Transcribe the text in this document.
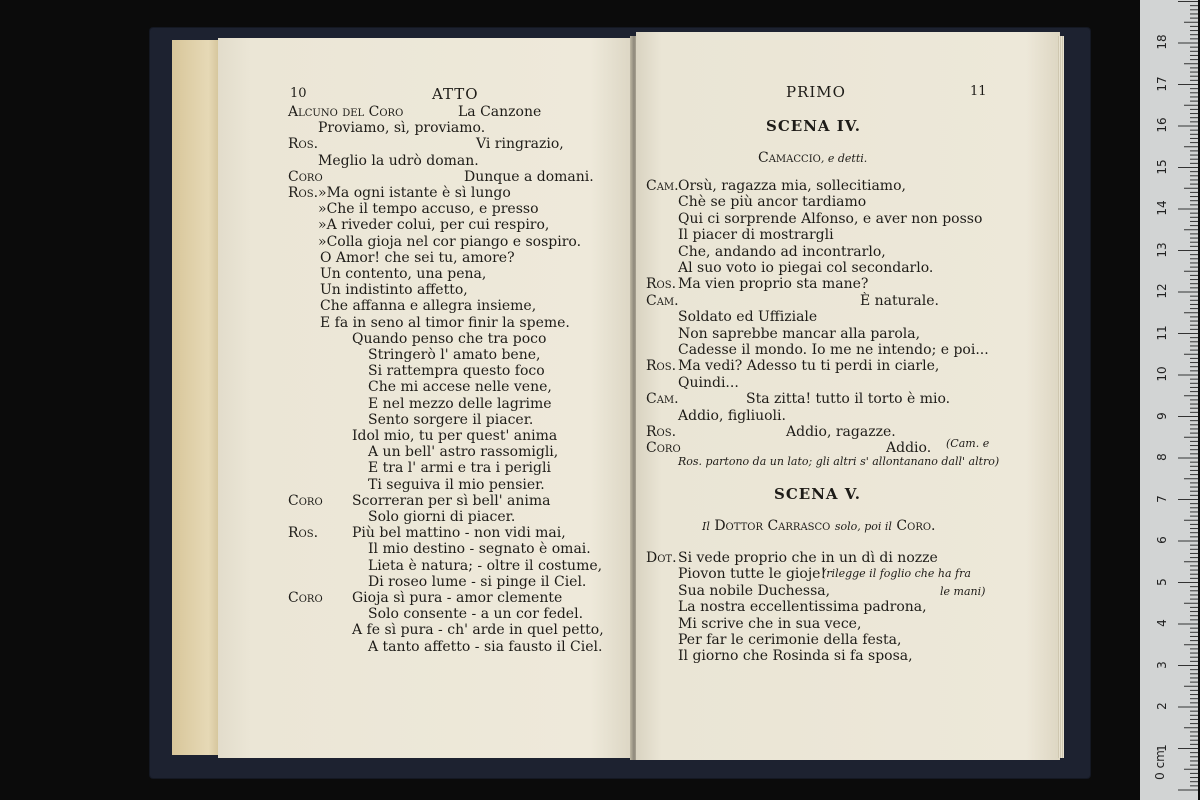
10	ATTO
Alcuno del Coro	La Canzone
Proviamo, sì, proviamo.
Ros.	Vi ringrazio,
Meglio la udrò doman.
Coro	Dunque a domani.
Ros. »Ma ogni istante è sì lungo
»Che il tempo accuso, e presso
»A riveder colui, per cui respiro,
»Colla gioja nel cor piango e sospiro.
O Amor! che sei tu, amore?
Un contento, una pena,
Un indistinto affetto,
Che affanna e allegra insieme,
E fa in seno al timor finir la speme.
Quando penso che tra poco
Stringerò l' amato bene,
Si rattempra questo foco
Che mi accese nelle vene,
E nel mezzo delle lagrime
Sento sorgere il piacer.
Idol mio, tu per quest' anima
A un bell' astro rassomigli,
E tra l' armi e tra i perigli
Ti seguiva il mio pensier.
Coro Scorreran per sì bell' anima
Solo giorni di piacer.
Ros. Più bel mattino - non vidi mai,
Il mio destino - segnato è omai.
Lieta è natura; - oltre il costume,
Di roseo lume - si pinge il Ciel.
Coro Gioja sì pura - amor clemente
Solo consente - a un cor fedel.
A fe sì pura - ch' arde in quel petto,
A tanto affetto - sia fausto il Ciel.
PRIMO	11
SCENA IV.
Camaccio, e detti.
Cam. Orsù, ragazza mia, sollecitiamo,
Chè se più ancor tardiamo
Qui ci sorprende Alfonso, e aver non posso
Il piacer di mostrargli
Che, andando ad incontrarlo,
Al suo voto io piegai col secondarlo.
Ros. Ma vien proprio sta mane?
Cam.	È naturale.
Soldato ed Uffiziale
Non saprebbe mancar alla parola,
Cadesse il mondo. Io me ne intendo; e poi...
Ros. Ma vedi? Adesso tu ti perdi in ciarle,
Quindi...
Cam.	Sta zitta! tutto il torto è mio.
Addio, figliuoli.
Ros.	Addio, ragazze.
Coro	Addio. (Cam. e
Ros. partono da un lato; gli altri s' allontanano dall' altro)
SCENA V.
Il Dottor Carrasco solo, poi il Coro.
Dot. Si vede proprio che in un dì di nozze
Piovon tutte le gioje!
Sua nobile Duchessa,
La nostra eccellentissima padrona,
Mi scrive che in sua vece,
Per far le cerimonie della festa,
Il giorno che Rosinda si fa sposa,
(rilegge il foglio che ha fra
le mani)
1
2
3
4
5
6
7
8
9
10
11
12
13
14
15
16
17
18
0 cm
